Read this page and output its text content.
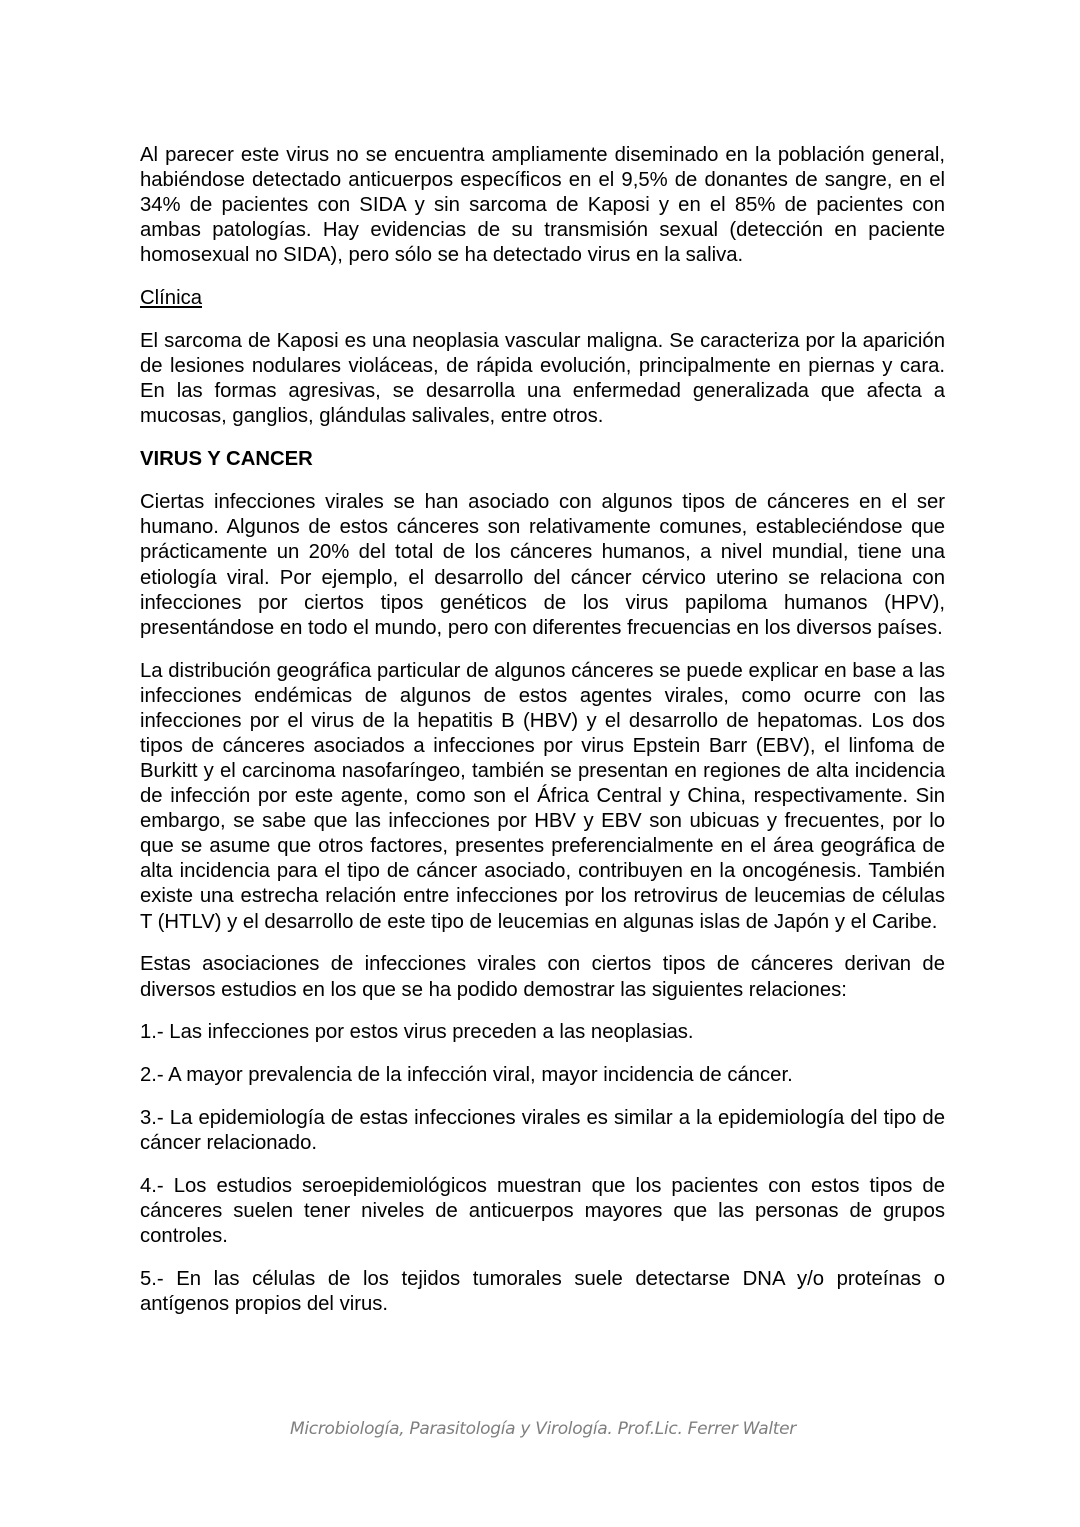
Al parecer este virus no se encuentra ampliamente diseminado en la población general, habiéndose detectado anticuerpos específicos en el 9,5% de donantes de sangre, en el 34% de pacientes con SIDA y sin sarcoma de Kaposi y en el 85% de pacientes con ambas patologías. Hay evidencias de su transmisión sexual (detección en paciente homosexual no SIDA), pero sólo se ha detectado virus en la saliva.

Clínica

El sarcoma de Kaposi es una neoplasia vascular maligna. Se caracteriza por la aparición de lesiones nodulares violáceas, de rápida evolución, principalmente en piernas y cara. En las formas agresivas, se desarrolla una enfermedad generalizada que afecta a mucosas, ganglios, glándulas salivales, entre otros.

VIRUS Y CANCER

Ciertas infecciones virales se han asociado con algunos tipos de cánceres en el ser humano. Algunos de estos cánceres son relativamente comunes, estableciéndose que prácticamente un 20% del total de los cánceres humanos, a nivel mundial, tiene una etiología viral. Por ejemplo, el desarrollo del cáncer cérvico uterino se relaciona con infecciones por ciertos tipos genéticos de los virus papiloma humanos (HPV), presentándose en todo el mundo, pero con diferentes frecuencias en los diversos países.

La distribución geográfica particular de algunos cánceres se puede explicar en base a las infecciones endémicas de algunos de estos agentes virales, como ocurre con las infecciones por el virus de la hepatitis B (HBV) y el desarrollo de hepatomas. Los dos tipos de cánceres asociados a infecciones por virus Epstein Barr (EBV), el linfoma de Burkitt y el carcinoma nasofaríngeo, también se presentan en regiones de alta incidencia de infección por este agente, como son el África Central y China, respectivamente. Sin embargo, se sabe que las infecciones por HBV y EBV son ubicuas y frecuentes, por lo que se asume que otros factores, presentes preferencialmente en el área geográfica de alta incidencia para el tipo de cáncer asociado, contribuyen en la oncogénesis. También existe una estrecha relación entre infecciones por los retrovirus de leucemias de células T (HTLV) y el desarrollo de este tipo de leucemias en algunas islas de Japón y el Caribe.

Estas asociaciones de infecciones virales con ciertos tipos de cánceres derivan de diversos estudios en los que se ha podido demostrar las siguientes relaciones:

1.- Las infecciones por estos virus preceden a las neoplasias.

2.- A mayor prevalencia de la infección viral, mayor incidencia de cáncer.

3.- La epidemiología de estas infecciones virales es similar a la epidemiología del tipo de cáncer relacionado.

4.- Los estudios seroepidemiológicos muestran que los pacientes con estos tipos de cánceres suelen tener niveles de anticuerpos mayores que las personas de grupos controles.

5.- En las células de los tejidos tumorales suele detectarse DNA y/o proteínas o antígenos propios del virus.

Microbiología, Parasitología y Virología. Prof.Lic. Ferrer Walter
